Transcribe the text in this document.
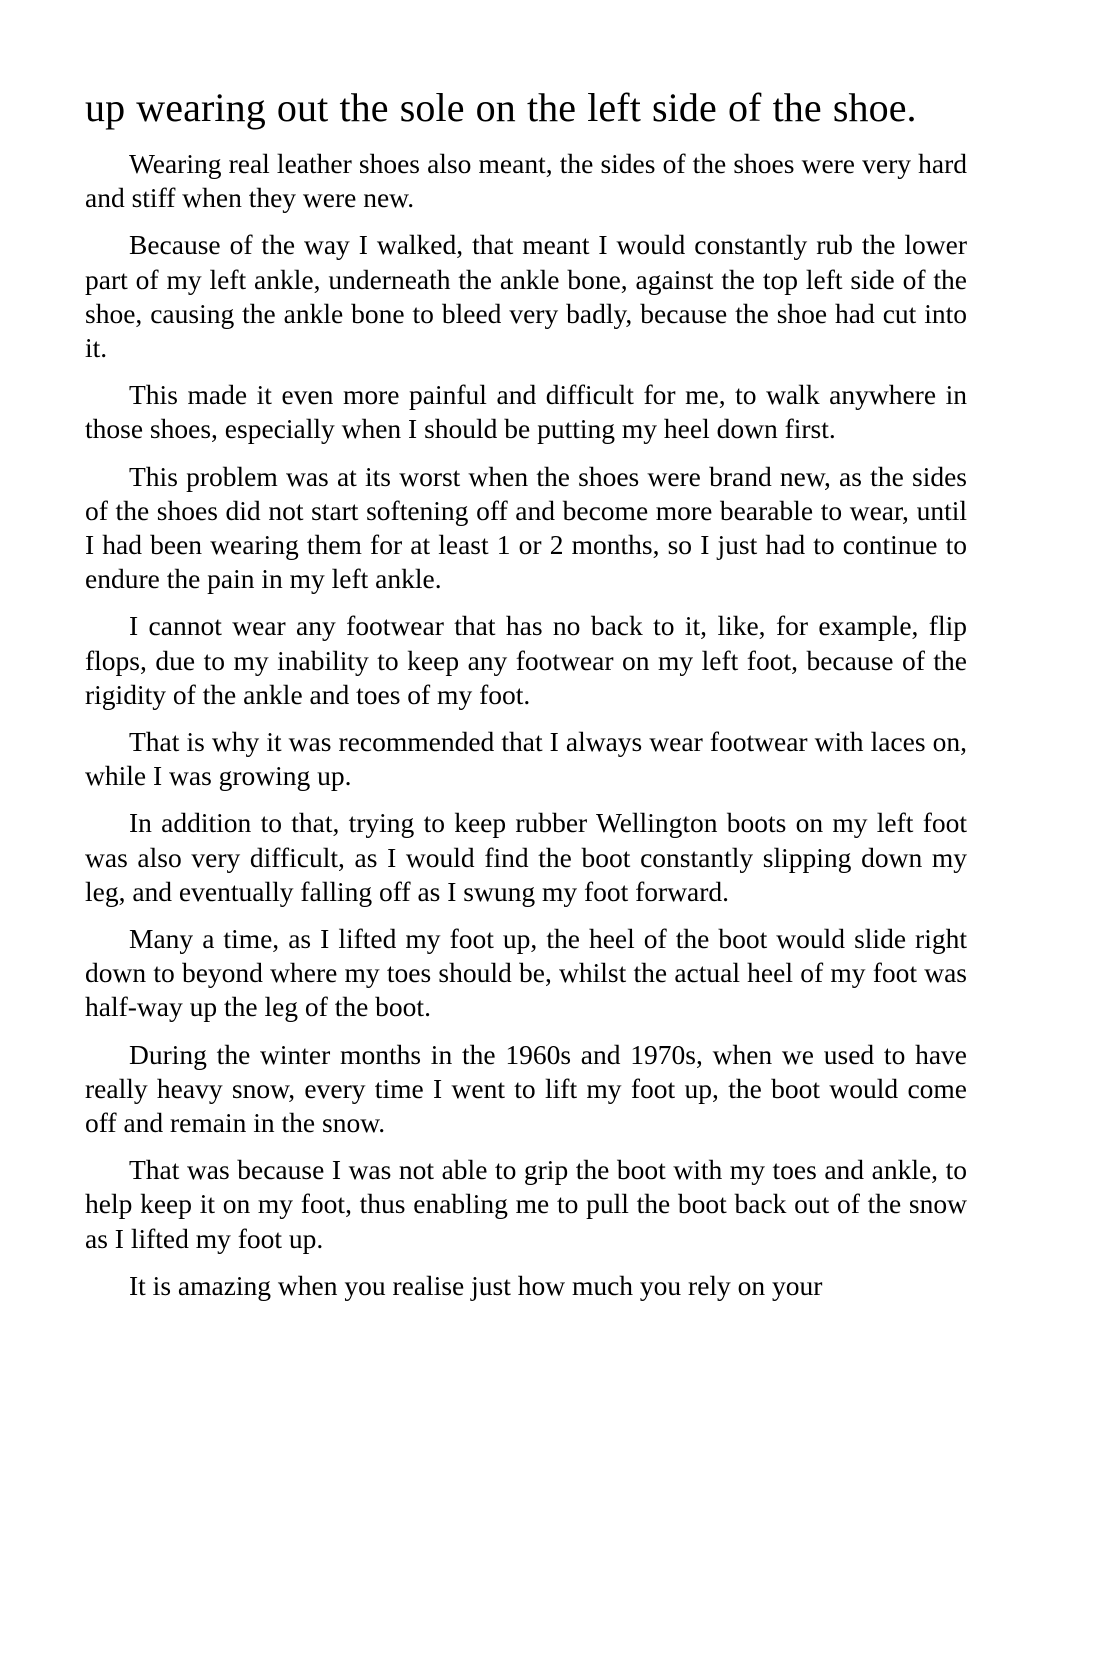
up wearing out the sole on the left side of the shoe.

Wearing real leather shoes also meant, the sides of the shoes were very hard and stiff when they were new.

Because of the way I walked, that meant I would constantly rub the lower part of my left ankle, underneath the ankle bone, against the top left side of the shoe, causing the ankle bone to bleed very badly, because the shoe had cut into it.

This made it even more painful and difficult for me, to walk anywhere in those shoes, especially when I should be putting my heel down first.

This problem was at its worst when the shoes were brand new, as the sides of the shoes did not start softening off and become more bearable to wear, until I had been wearing them for at least 1 or 2 months, so I just had to continue to endure the pain in my left ankle.

I cannot wear any footwear that has no back to it, like, for example, flip flops, due to my inability to keep any footwear on my left foot, because of the rigidity of the ankle and toes of my foot.

That is why it was recommended that I always wear footwear with laces on, while I was growing up.

In addition to that, trying to keep rubber Wellington boots on my left foot was also very difficult, as I would find the boot constantly slipping down my leg, and eventually falling off as I swung my foot forward.

Many a time, as I lifted my foot up, the heel of the boot would slide right down to beyond where my toes should be, whilst the actual heel of my foot was half-way up the leg of the boot.

During the winter months in the 1960s and 1970s, when we used to have really heavy snow, every time I went to lift my foot up, the boot would come off and remain in the snow.

That was because I was not able to grip the boot with my toes and ankle, to help keep it on my foot, thus enabling me to pull the boot back out of the snow as I lifted my foot up.

It is amazing when you realise just how much you rely on your
